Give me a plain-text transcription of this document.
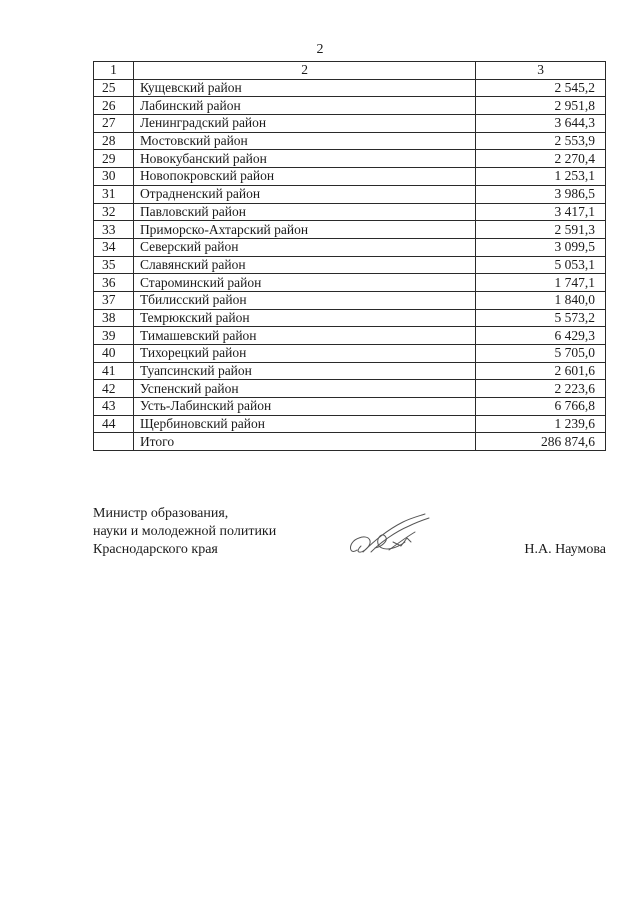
2
1	2	3
25	Кущевский район	2 545,2
26	Лабинский район	2 951,8
27	Ленинградский район	3 644,3
28	Мостовский район	2 553,9
29	Новокубанский район	2 270,4
30	Новопокровский район	1 253,1
31	Отрадненский район	3 986,5
32	Павловский район	3 417,1
33	Приморско-Ахтарский район	2 591,3
34	Северский район	3 099,5
35	Славянский район	5 053,1
36	Староминский район	1 747,1
37	Тбилисский район	1 840,0
38	Темрюкский район	5 573,2
39	Тимашевский район	6 429,3
40	Тихорецкий район	5 705,0
41	Туапсинский район	2 601,6
42	Успенский район	2 223,6
43	Усть-Лабинский район	6 766,8
44	Щербиновский район	1 239,6
	Итого	286 874,6
Министр образования,
науки и молодежной политики
Краснодарского края	Н.А. Наумова
